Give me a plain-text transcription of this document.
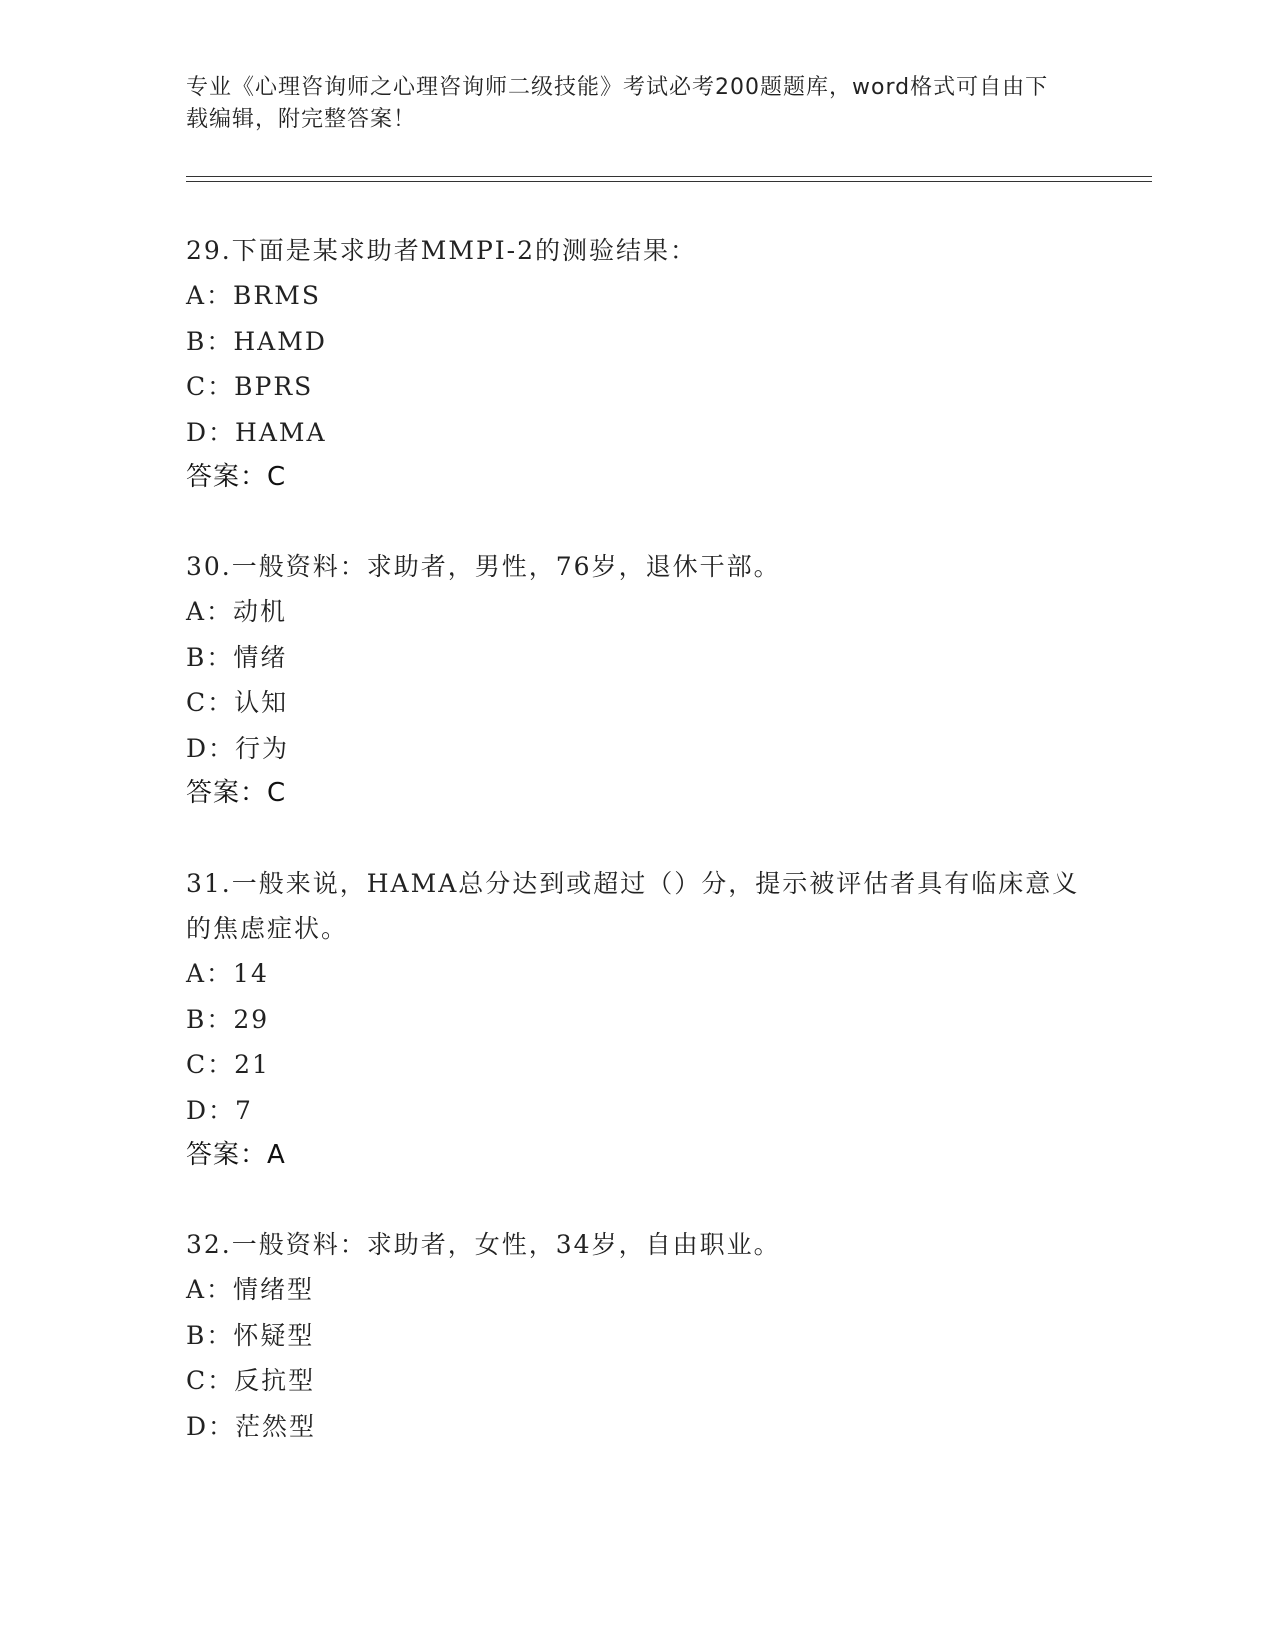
专业《心理咨询师之心理咨询师二级技能》考试必考200题题库，word格式可自由下载编辑，附完整答案！

29.下面是某求助者MMPI-2的测验结果：

A：BRMS

B：HAMD

C：BPRS

D：HAMA

答案：C

30.一般资料：求助者，男性，76岁，退休干部。

A：动机

B：情绪

C：认知

D：行为

答案：C

31.一般来说，HAMA总分达到或超过（）分，提示被评估者具有临床意义的焦虑症状。

A：14

B：29

C：21

D：7

答案：A

32.一般资料：求助者，女性，34岁，自由职业。

A：情绪型

B：怀疑型

C：反抗型

D：茫然型
